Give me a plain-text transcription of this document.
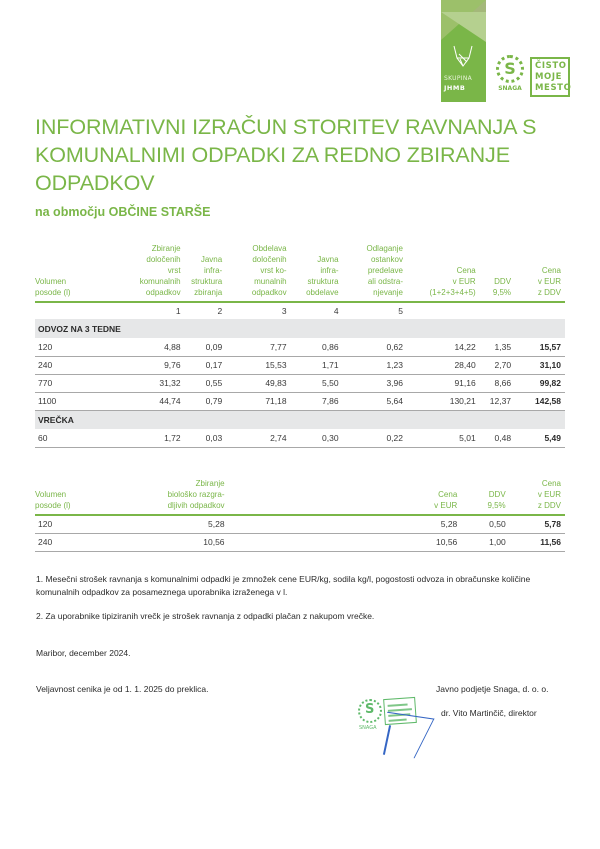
SKUPINA
JHMB
S
SNAGA
ČISTO
MOJE
MESTO
INFORMATIVNI IZRAČUN STORITEV RAVNANJA S KOMUNALNIMI ODPADKI ZA REDNO ZBIRANJE ODPADKOV
na območju OBČINE STARŠE
Volumen
posode (l)

Zbiranje
določenih
vrst
komunalnih
odpadkov

Javna
infra-
struktura
zbiranja

Obdelava
določenih
vrst ko-
munalnih
odpadkov

Javna
infra-
struktura
obdelave

Odlaganje
ostankov
predelave
ali odstra-
njevanje

Cena
v EUR
(1+2+3+4+5)

DDV
9,5%

Cena
v EUR
z DDV

	1	2	3	4	5			
ODVOZ NA 3 TEDNE								
120	4,88	0,09	7,77	0,86	0,62	14,22	1,35	15,57
240	9,76	0,17	15,53	1,71	1,23	28,40	2,70	31,10
770	31,32	0,55	49,83	5,50	3,96	91,16	8,66	99,82
1100	44,74	0,79	71,18	7,86	5,64	130,21	12,37	142,58
VREČKA								
60	1,72	0,03	2,74	0,30	0,22	5,01	0,48	5,49
Volumen
posode (l)

Zbiranje
biološko razgra-
dljivih odpadkov

Cena
v EUR

DDV
9,5%

Cena
v EUR
z DDV

120	5,28	5,28	0,50	5,78
240	10,56	10,56	1,00	11,56

1. Mesečni strošek ravnanja s komunalnimi odpadki je zmnožek cene EUR/kg, sodila kg/l, pogostosti odvoza in obračunske količine komunalnih odpadkov za posameznega uporabnika izraženega v l.

2. Za uporabnike tipiziranih vrečk je strošek ravnanja z odpadki plačan z nakupom vrečke.

Maribor, december 2024.
Veljavnost cenika je od 1. 1. 2025 do preklica.
S
SNAGA
Javno podjetje Snaga, d. o. o.
dr. Vito Martinčič, direktor
